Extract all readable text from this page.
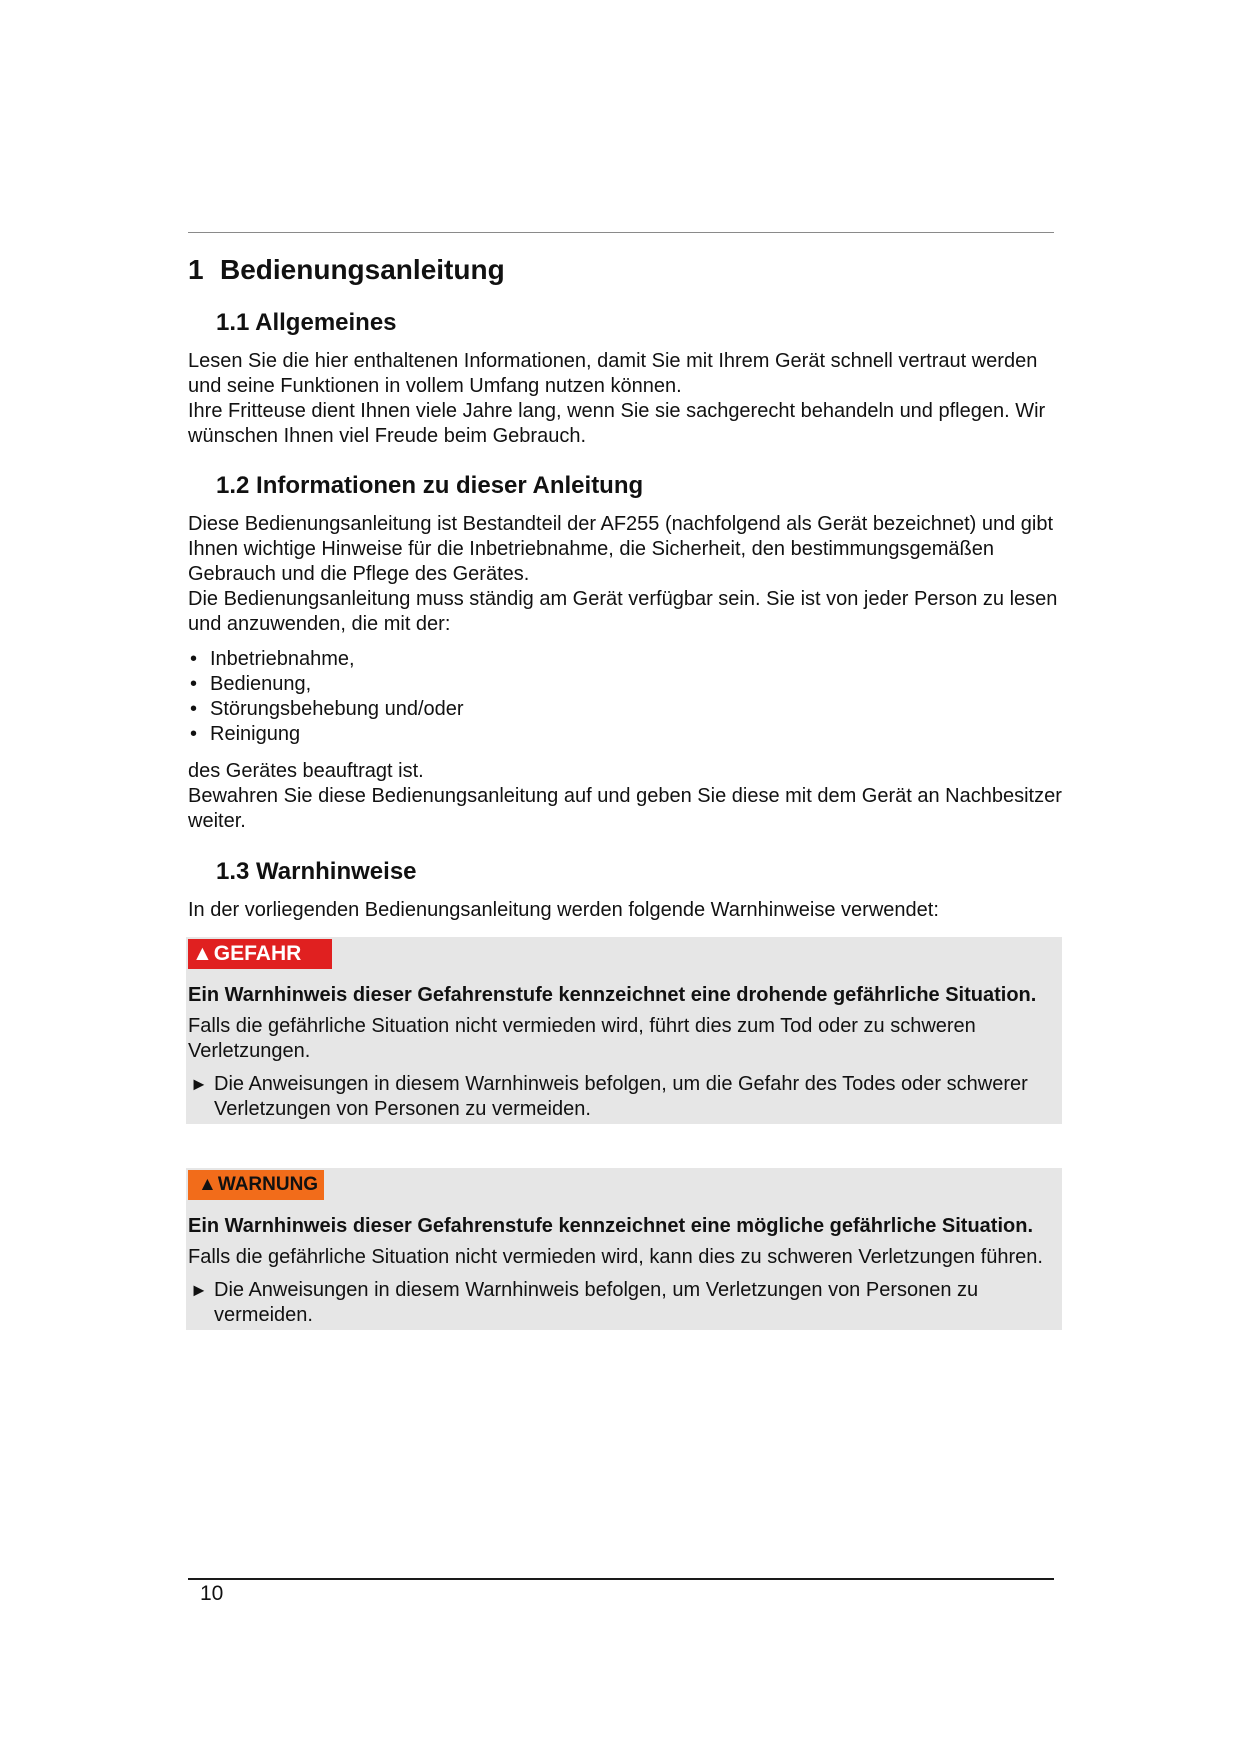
1 Bedienungsanleitung
1.1 Allgemeines

Lesen Sie die hier enthaltenen Informationen, damit Sie mit Ihrem Gerät schnell vertraut werden und seine Funktionen in vollem Umfang nutzen können.

Ihre Fritteuse dient Ihnen viele Jahre lang, wenn Sie sie sachgerecht behandeln und pflegen. Wir wünschen Ihnen viel Freude beim Gebrauch.

1.2 Informationen zu dieser Anleitung

Diese Bedienungsanleitung ist Bestandteil der AF255 (nachfolgend als Gerät bezeichnet) und gibt Ihnen wichtige Hinweise für die Inbetriebnahme, die Sicherheit, den bestimmungsgemäßen Gebrauch und die Pflege des Gerätes.

Die Bedienungsanleitung muss ständig am Gerät verfügbar sein. Sie ist von jeder Person zu lesen und anzuwenden, die mit der:

• Inbetriebnahme,
• Bedienung,
• Störungsbehebung und/oder
• Reinigung

des Gerätes beauftragt ist.

Bewahren Sie diese Bedienungsanleitung auf und geben Sie diese mit dem Gerät an Nachbesitzer weiter.

1.3 Warnhinweise

In der vorliegenden Bedienungsanleitung werden folgende Warnhinweise verwendet:

▲GEFAHR
Ein Warnhinweis dieser Gefahrenstufe kennzeichnet eine drohende gefährliche Situation.
Falls die gefährliche Situation nicht vermieden wird, führt dies zum Tod oder zu schweren Verletzungen.
► Die Anweisungen in diesem Warnhinweis befolgen, um die Gefahr des Todes oder schwerer Verletzungen von Personen zu vermeiden.
▲WARNUNG
Ein Warnhinweis dieser Gefahrenstufe kennzeichnet eine mögliche gefährliche Situation.
Falls die gefährliche Situation nicht vermieden wird, kann dies zu schweren Verletzungen führen.
► Die Anweisungen in diesem Warnhinweis befolgen, um Verletzungen von Personen zu vermeiden.
10
